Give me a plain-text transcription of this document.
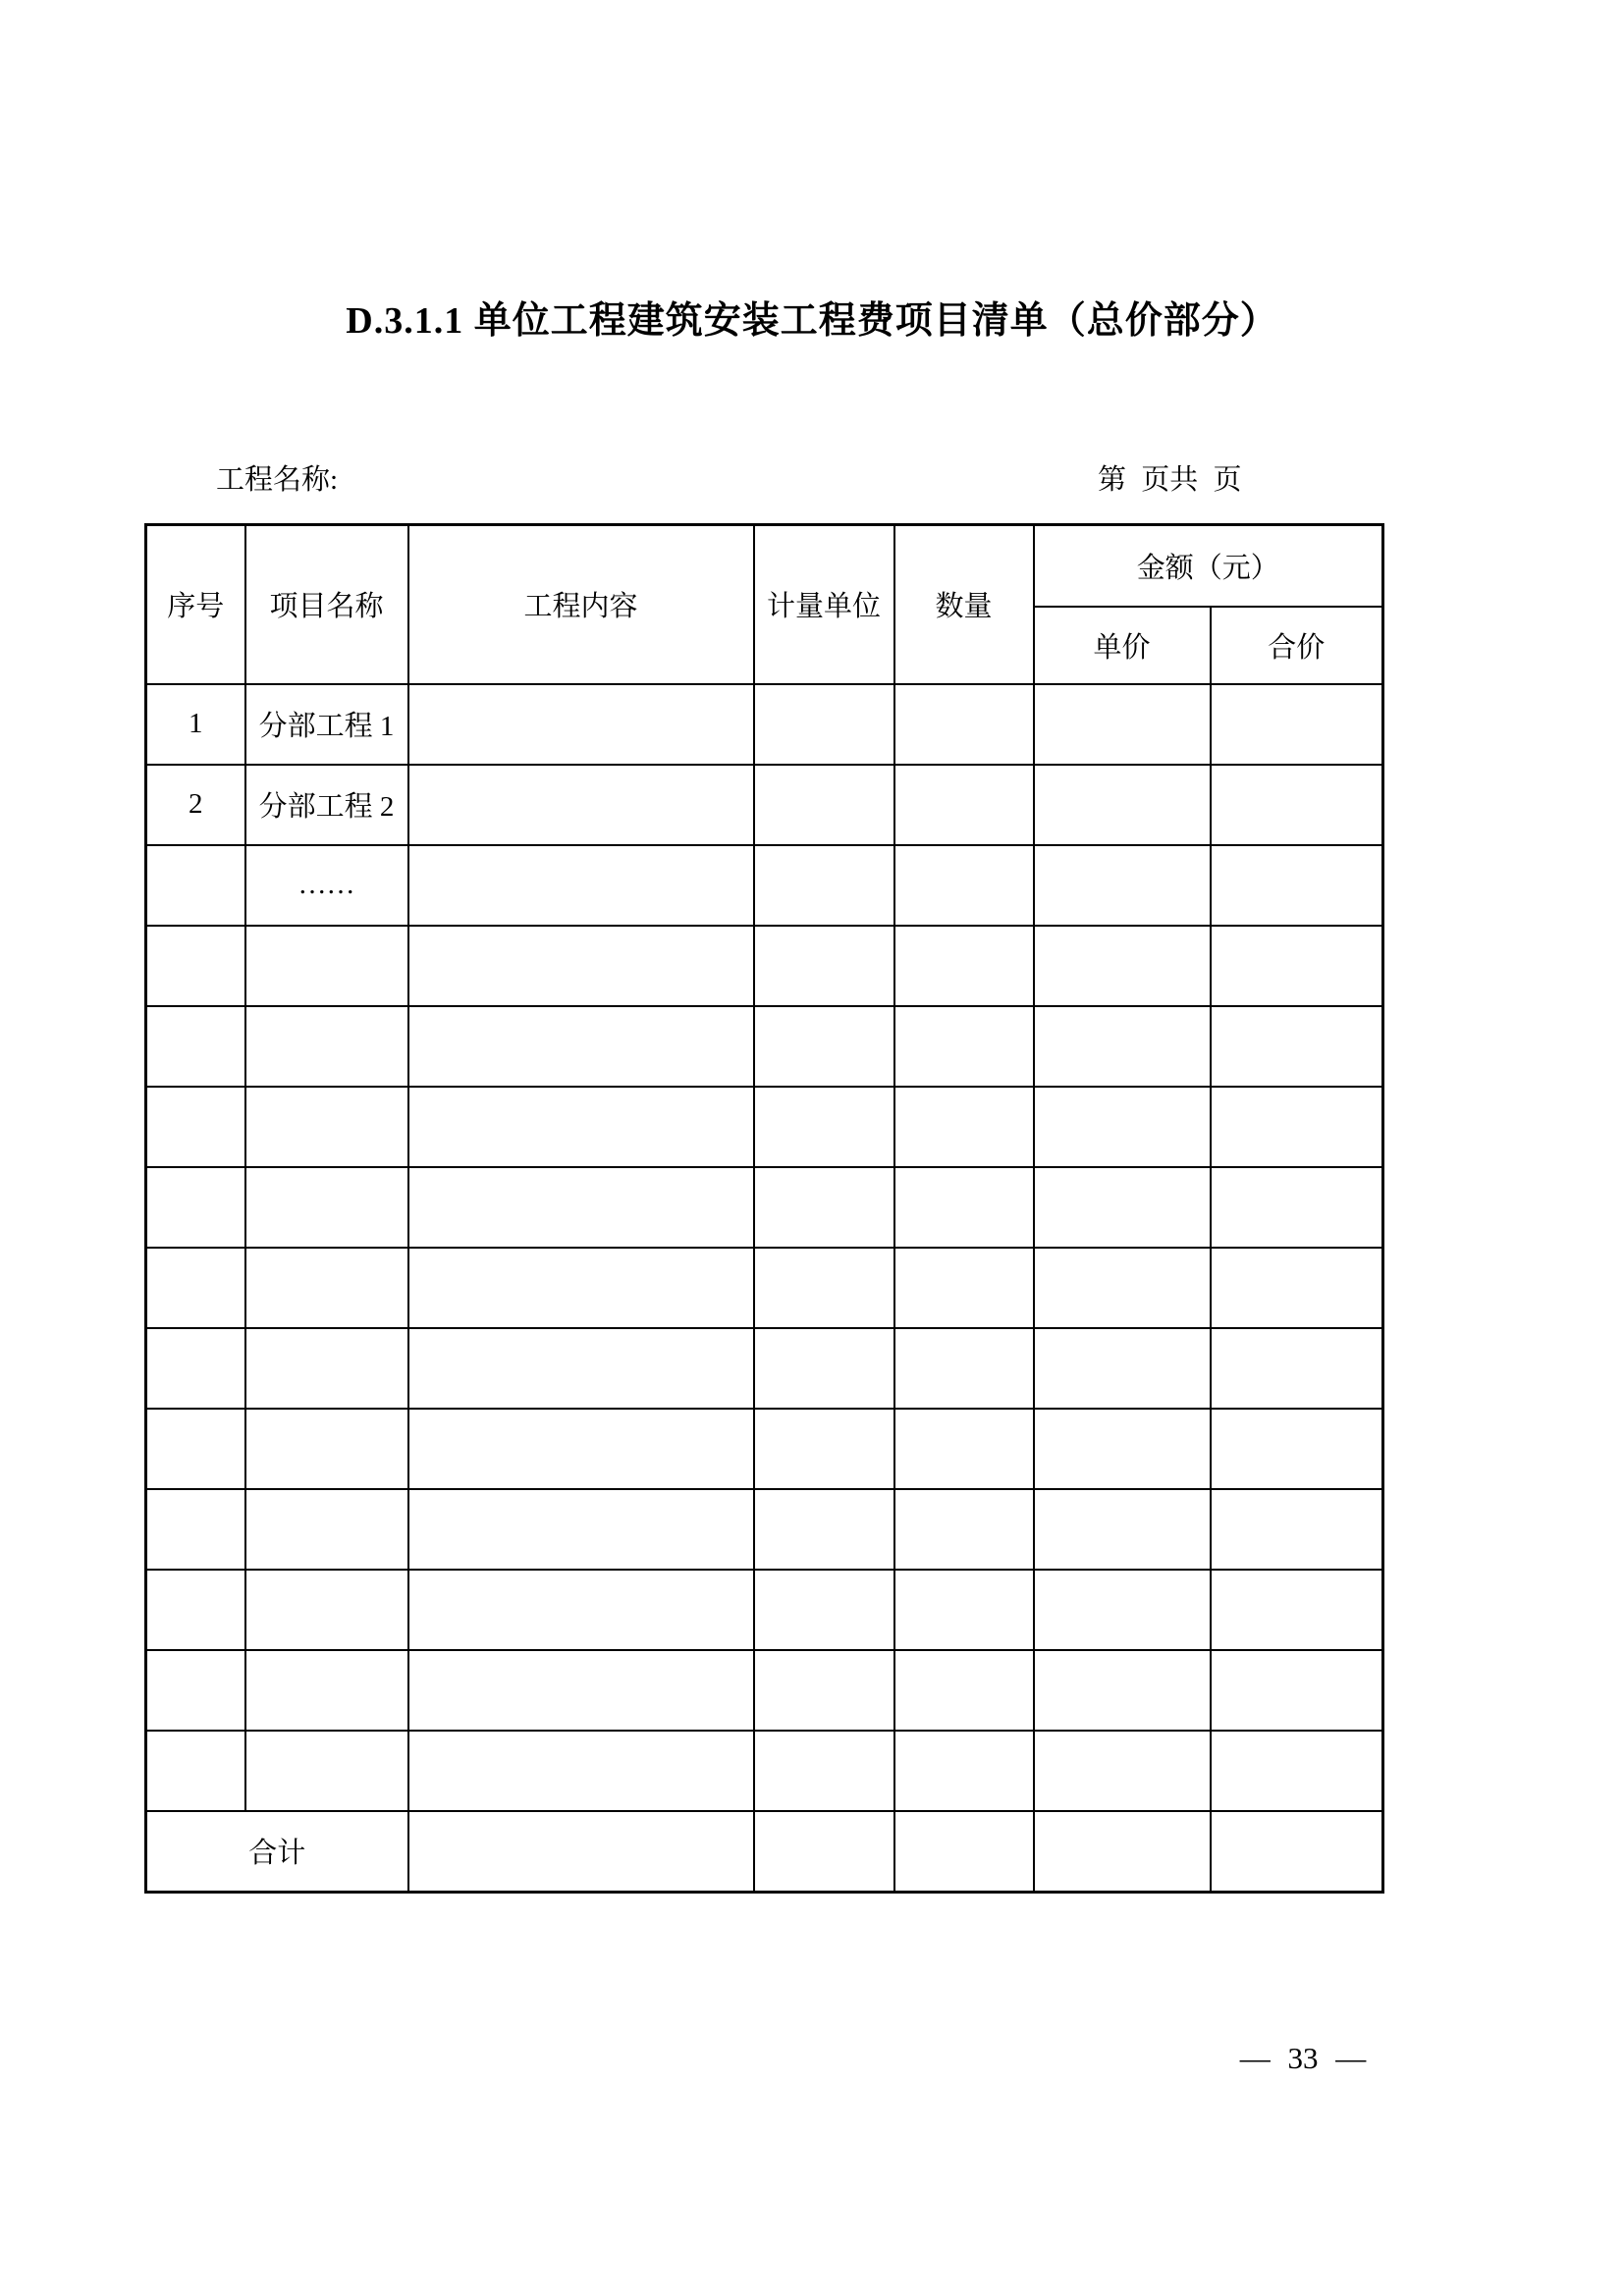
D.3.1.1 单位工程建筑安装工程费项目清单（总价部分）
工程名称:	第 页共 页
序号	项目名称	工程内容	计量单位	数量	金额（元）	
					单价	合价
1	分部工程 1					
2	分部工程 2					
	……					

合计						
— 33 —
